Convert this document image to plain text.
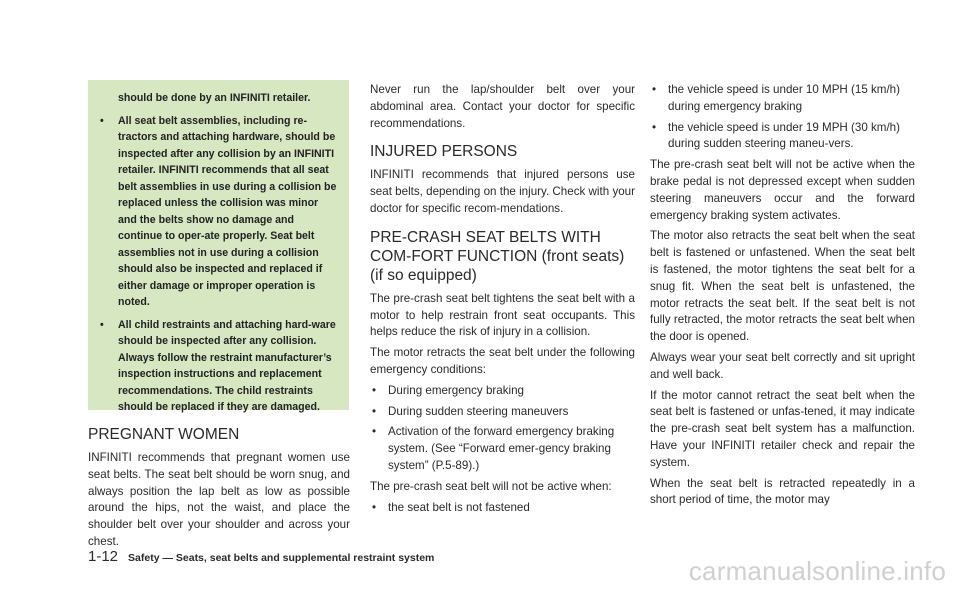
should be done by an INFINITI retailer.

• All seat belt assemblies, including re-tractors and attaching hardware, should be inspected after any collision by an INFINITI retailer. INFINITI recommends that all seat belt assemblies in use during a collision be replaced unless the collision was minor and the belts show no damage and continue to oper-ate properly. Seat belt assemblies not in use during a collision should also be inspected and replaced if either damage or improper operation is noted.

• All child restraints and attaching hard-ware should be inspected after any collision. Always follow the restraint manufacturer’s inspection instructions and replacement recommendations. The child restraints should be replaced if they are damaged.

PREGNANT WOMEN

INFINITI recommends that pregnant women use seat belts. The seat belt should be worn snug, and always position the lap belt as low as possible around the hips, not the waist, and place the shoulder belt over your shoulder and across your chest.

Never run the lap/shoulder belt over your abdominal area. Contact your doctor for specific recommendations.

INJURED PERSONS

INFINITI recommends that injured persons use seat belts, depending on the injury. Check with your doctor for specific recom-mendations.

PRE-CRASH SEAT BELTS WITH COM-FORT FUNCTION (front seats) (if so equipped)

The pre-crash seat belt tightens the seat belt with a motor to help restrain front seat occupants. This helps reduce the risk of injury in a collision.

The motor retracts the seat belt under the following emergency conditions:

• During emergency braking
• During sudden steering maneuvers
• Activation of the forward emergency braking system. (See “Forward emer-gency braking system” (P.5-89).)

The pre-crash seat belt will not be active when:

• the seat belt is not fastened
• the vehicle speed is under 10 MPH (15 km/h) during emergency braking
• the vehicle speed is under 19 MPH (30 km/h) during sudden steering maneu-vers.

The pre-crash seat belt will not be active when the brake pedal is not depressed except when sudden steering maneuvers occur and the forward emergency braking system activates.

The motor also retracts the seat belt when the seat belt is fastened or unfastened. When the seat belt is fastened, the motor tightens the seat belt for a snug fit. When the seat belt is unfastened, the motor retracts the seat belt. If the seat belt is not fully retracted, the motor retracts the seat belt when the door is opened.

Always wear your seat belt correctly and sit upright and well back.

If the motor cannot retract the seat belt when the seat belt is fastened or unfas-tened, it may indicate the pre-crash seat belt system has a malfunction. Have your INFINITI retailer check and repair the system.

When the seat belt is retracted repeatedly in a short period of time, the motor may

1-12 Safety — Seats, seat belts and supplemental restraint system	carmanualsonline.info
